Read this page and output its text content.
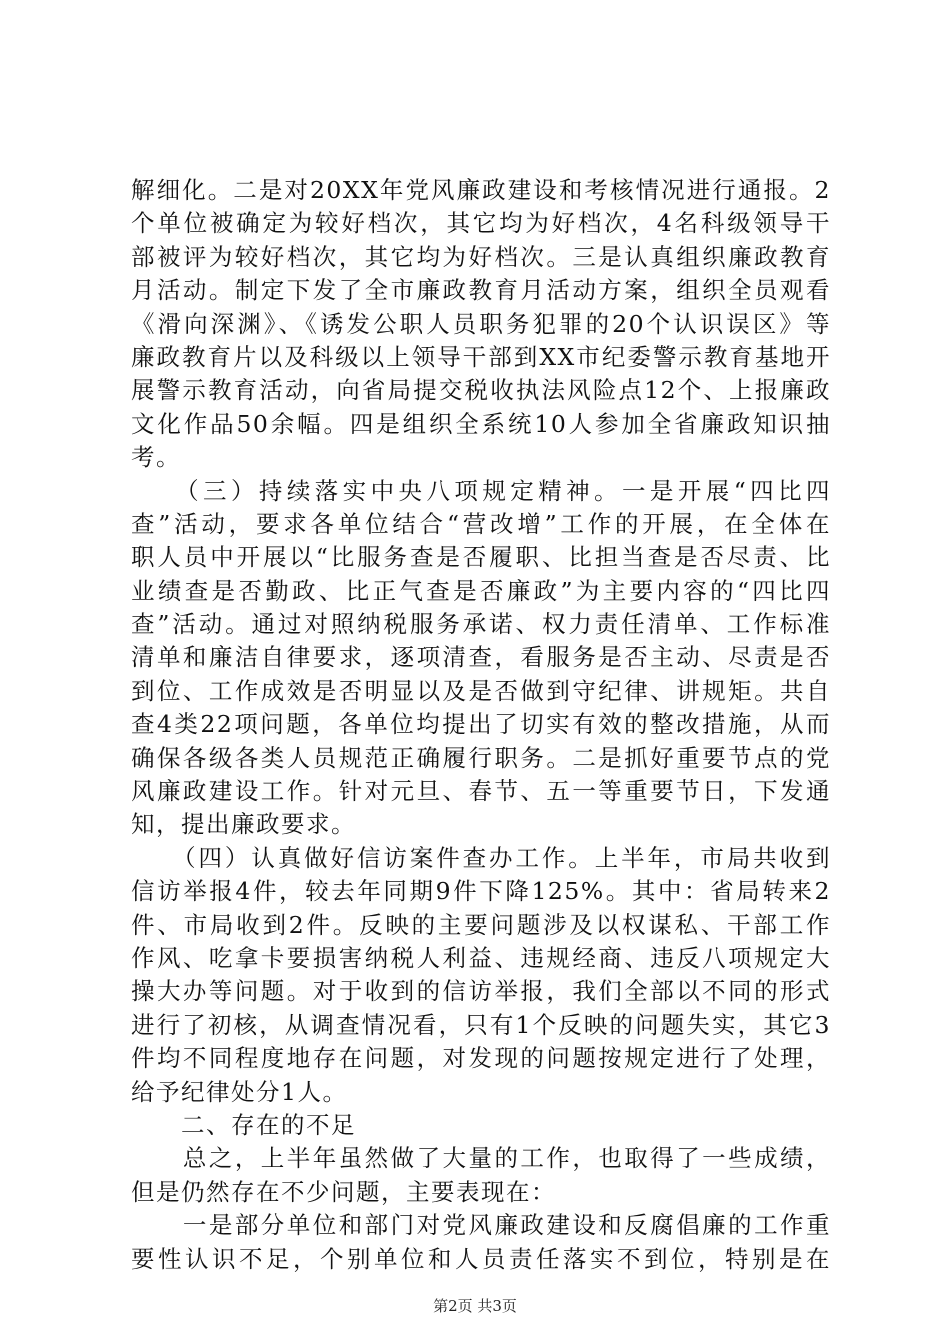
解细化。二是对20XX年党风廉政建设和考核情况进行通报。2
个单位被确定为较好档次，其它均为好档次，4名科级领导干
部被评为较好档次，其它均为好档次。三是认真组织廉政教育
月活动。制定下发了全市廉政教育月活动方案，组织全员观看
《滑向深渊》、《诱发公职人员职务犯罪的20个认识误区》等
廉政教育片以及科级以上领导干部到XX市纪委警示教育基地开
展警示教育活动，向省局提交税收执法风险点12个、上报廉政
文化作品50余幅。四是组织全系统10人参加全省廉政知识抽
考。
　　（三）持续落实中央八项规定精神。一是开展“四比四
查”活动，要求各单位结合“营改增”工作的开展，在全体在
职人员中开展以“比服务查是否履职、比担当查是否尽责、比
业绩查是否勤政、比正气查是否廉政”为主要内容的“四比四
查”活动。通过对照纳税服务承诺、权力责任清单、工作标准
清单和廉洁自律要求，逐项清查，看服务是否主动、尽责是否
到位、工作成效是否明显以及是否做到守纪律、讲规矩。共自
查4类22项问题，各单位均提出了切实有效的整改措施，从而
确保各级各类人员规范正确履行职务。二是抓好重要节点的党
风廉政建设工作。针对元旦、春节、五一等重要节日，下发通
知，提出廉政要求。
　　（四）认真做好信访案件查办工作。上半年，市局共收到
信访举报4件，较去年同期9件下降125%。其中：省局转来2
件、市局收到2件。反映的主要问题涉及以权谋私、干部工作
作风、吃拿卡要损害纳税人利益、违规经商、违反八项规定大
操大办等问题。对于收到的信访举报，我们全部以不同的形式
进行了初核，从调查情况看，只有1个反映的问题失实，其它3
件均不同程度地存在问题，对发现的问题按规定进行了处理，
给予纪律处分1人。
　　二、存在的不足
　　总之，上半年虽然做了大量的工作，也取得了一些成绩，
但是仍然存在不少问题，主要表现在：
　　一是部分单位和部门对党风廉政建设和反腐倡廉的工作重
要性认识不足，个别单位和人员责任落实不到位，特别是在
第2页 共3页
